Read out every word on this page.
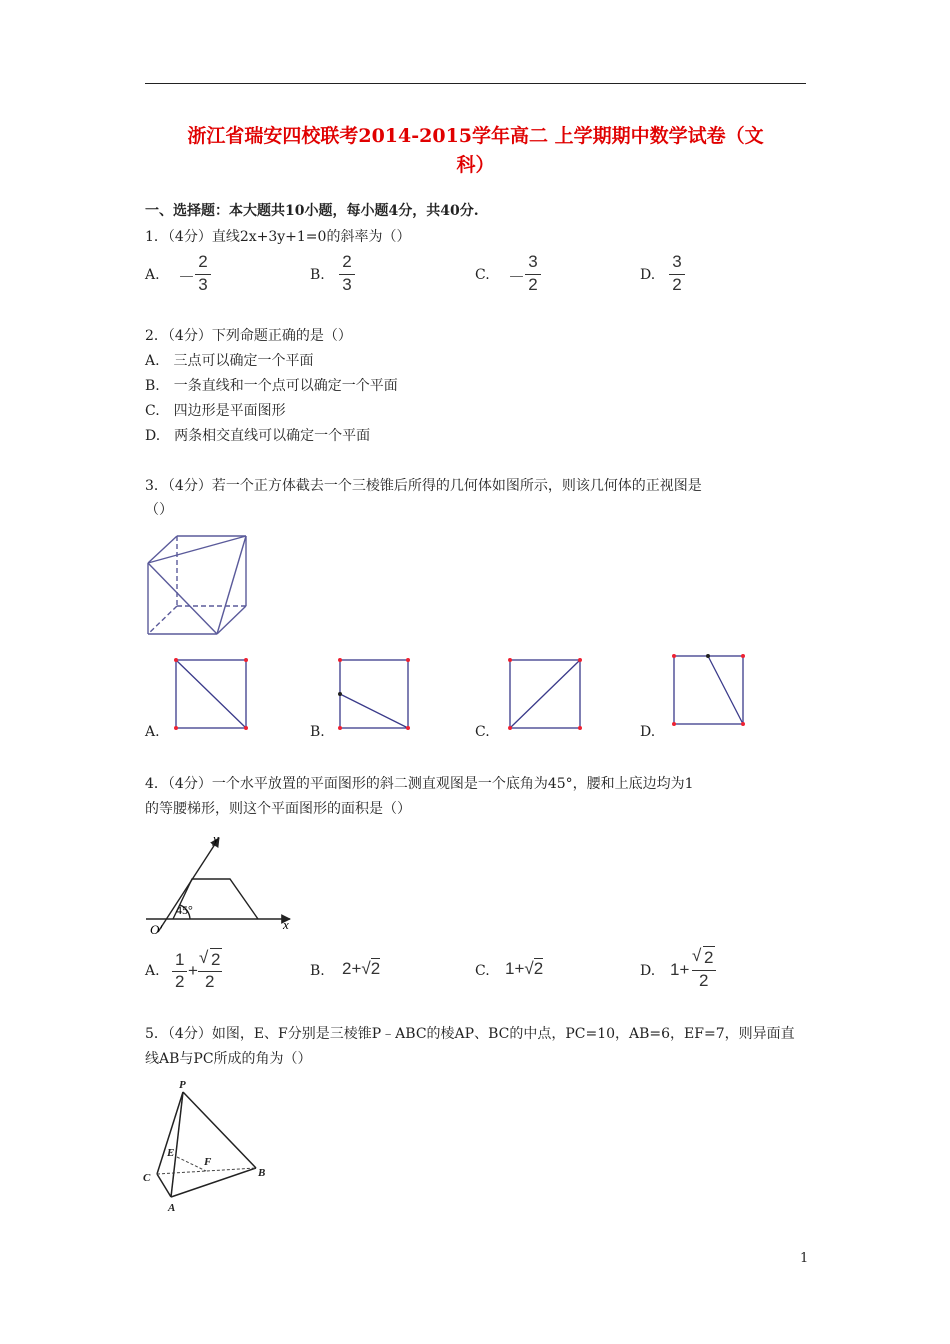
浙江省瑞安四校联考2014-2015学年高二 上学期期中数学试卷（文
科）
一、选择题：本大题共10小题，每小题4分，共40分.
1．（4分）直线2x+3y+1=0的斜率为（）
A. －
2
3	B.
2
3	C. －
3
2	D.
3
2
2．（4分）下列命题正确的是（）
A.　三点可以确定一个平面
B.　一条直线和一个点可以确定一个平面
C.　四边形是平面图形
D.　两条相交直线可以确定一个平面
3．（4分）若一个正方体截去一个三棱锥后所得的几何体如图所示，则该几何体的正视图是
（）
A.	B.	C.	D.
4．（4分）一个水平放置的平面图形的斜二测直观图是一个底角为45°，腰和上底边均为1
的等腰梯形，则这个平面图形的面积是（）
y
x
O'
45°
A.
1
2
+
√ 2
2
B. 2+√2	C. 1+√2	D. 1+
√ 2
2
5．（4分）如图，E、F分别是三棱锥P﹣ABC的棱AP、BC的中点，PC=10，AB=6，EF=7，则异面直
线AB与PC所成的角为（）
P
E
F
C	B
A
1
